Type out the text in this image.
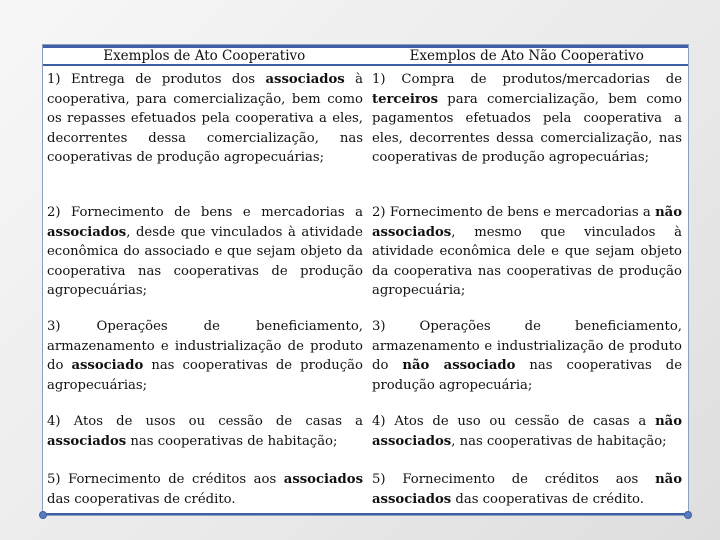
Exemplos de Ato Cooperativo	Exemplos de Ato Não Cooperativo
1) Entrega de produtos dos associados à cooperativa, para comercialização, bem como os repasses efetuados pela cooperativa a eles, decorrentes dessa comercialização, nas cooperativas de produção agropecuárias;
1) Compra de produtos/mercadorias de terceiros para comercialização, bem como pagamentos efetuados pela cooperativa a eles, decorrentes dessa comercialização, nas cooperativas de produção agropecuárias;
2) Fornecimento de bens e mercadorias a associados, desde que vinculados à atividade econômica do associado e que sejam objeto da cooperativa nas cooperativas de produção agropecuárias;
2) Fornecimento de bens e mercadorias a não associados, mesmo que vinculados à atividade econômica dele e que sejam objeto da cooperativa nas cooperativas de produção agropecuária;
3) Operações de beneficiamento, armazenamento e industrialização de produto do associado nas cooperativas de produção agropecuárias;
3) Operações de beneficiamento, armazenamento e industrialização de produto do não associado nas cooperativas de produção agropecuária;
4) Atos de usos ou cessão de casas a associados nas cooperativas de habitação;
4) Atos de uso ou cessão de casas a não associados, nas cooperativas de habitação;
5) Fornecimento de créditos aos associados das cooperativas de crédito.
5) Fornecimento de créditos aos não associados das cooperativas de crédito.
